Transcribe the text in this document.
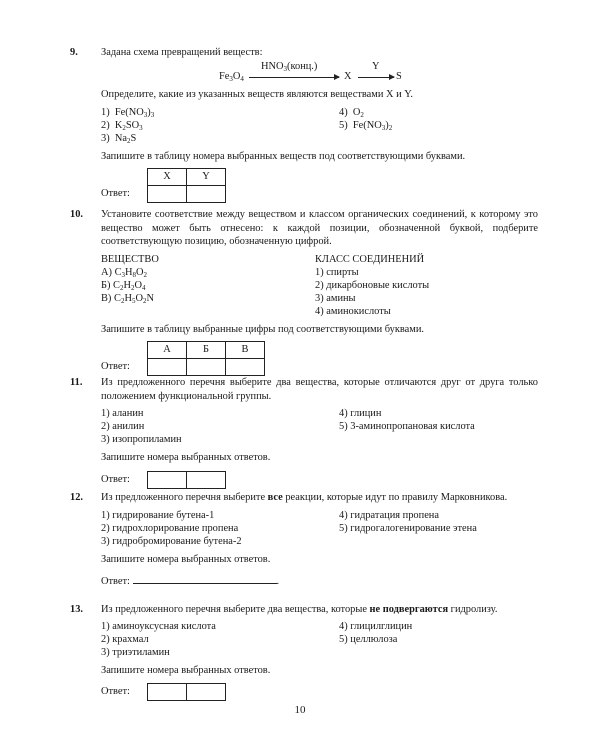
9. Задана схема превращений веществ:
$Fe_3O_4$
$HNO_3(конц.)$
X
Y
S
Определите, какие из указанных веществ являются веществами X и Y.
1) $Fe(NO_3)_3$	4) $O_2$
2) $K_2SO_3$	5) $Fe(NO_3)_2$
3) $Na_2S$
Запишите в таблицу номера выбранных веществ под соответствующими буквами.
Ответ:
X	Y

10. Установите соответствие между веществом и классом органических соединений, к которому это вещество может быть отнесено: к каждой позиции, обозначенной буквой, подберите соответствующую позицию, обозначенную цифрой.
ВЕЩЕСТВО	КЛАСС СОЕДИНЕНИЙ
А) $C_3H_8O_2$	1) спирты
Б) $C_2H_2O_4$	2) дикарбоновые кислоты
В) $C_2H_5O_2N$	3) амины
4) аминокислоты
Запишите в таблицу выбранные цифры под соответствующими буквами.
Ответ:
А	Б	В

11. Из предложенного перечня выберите два вещества, которые отличаются друг от друга только положением функциональной группы.
1) аланин	4) глицин
2) анилин	5) 3-аминопропановая кислота
3) изопропиламин
Запишите номера выбранных ответов.
Ответ:
12. Из предложенного перечня выберите все реакции, которые идут по правилу Марковникова.
1) гидрирование бутена-1	4) гидратация пропена
2) гидрохлорирование пропена	5) гидрогалогенирование этена
3) гидробромирование бутена-2
Запишите номера выбранных ответов.
Ответ:	.
13. Из предложенного перечня выберите два вещества, которые не подвергаются гидролизу.
1) аминоуксусная кислота	4) глицилглицин
2) крахмал	5) целлюлоза
3) триэтиламин
Запишите номера выбранных ответов.
Ответ:
10
